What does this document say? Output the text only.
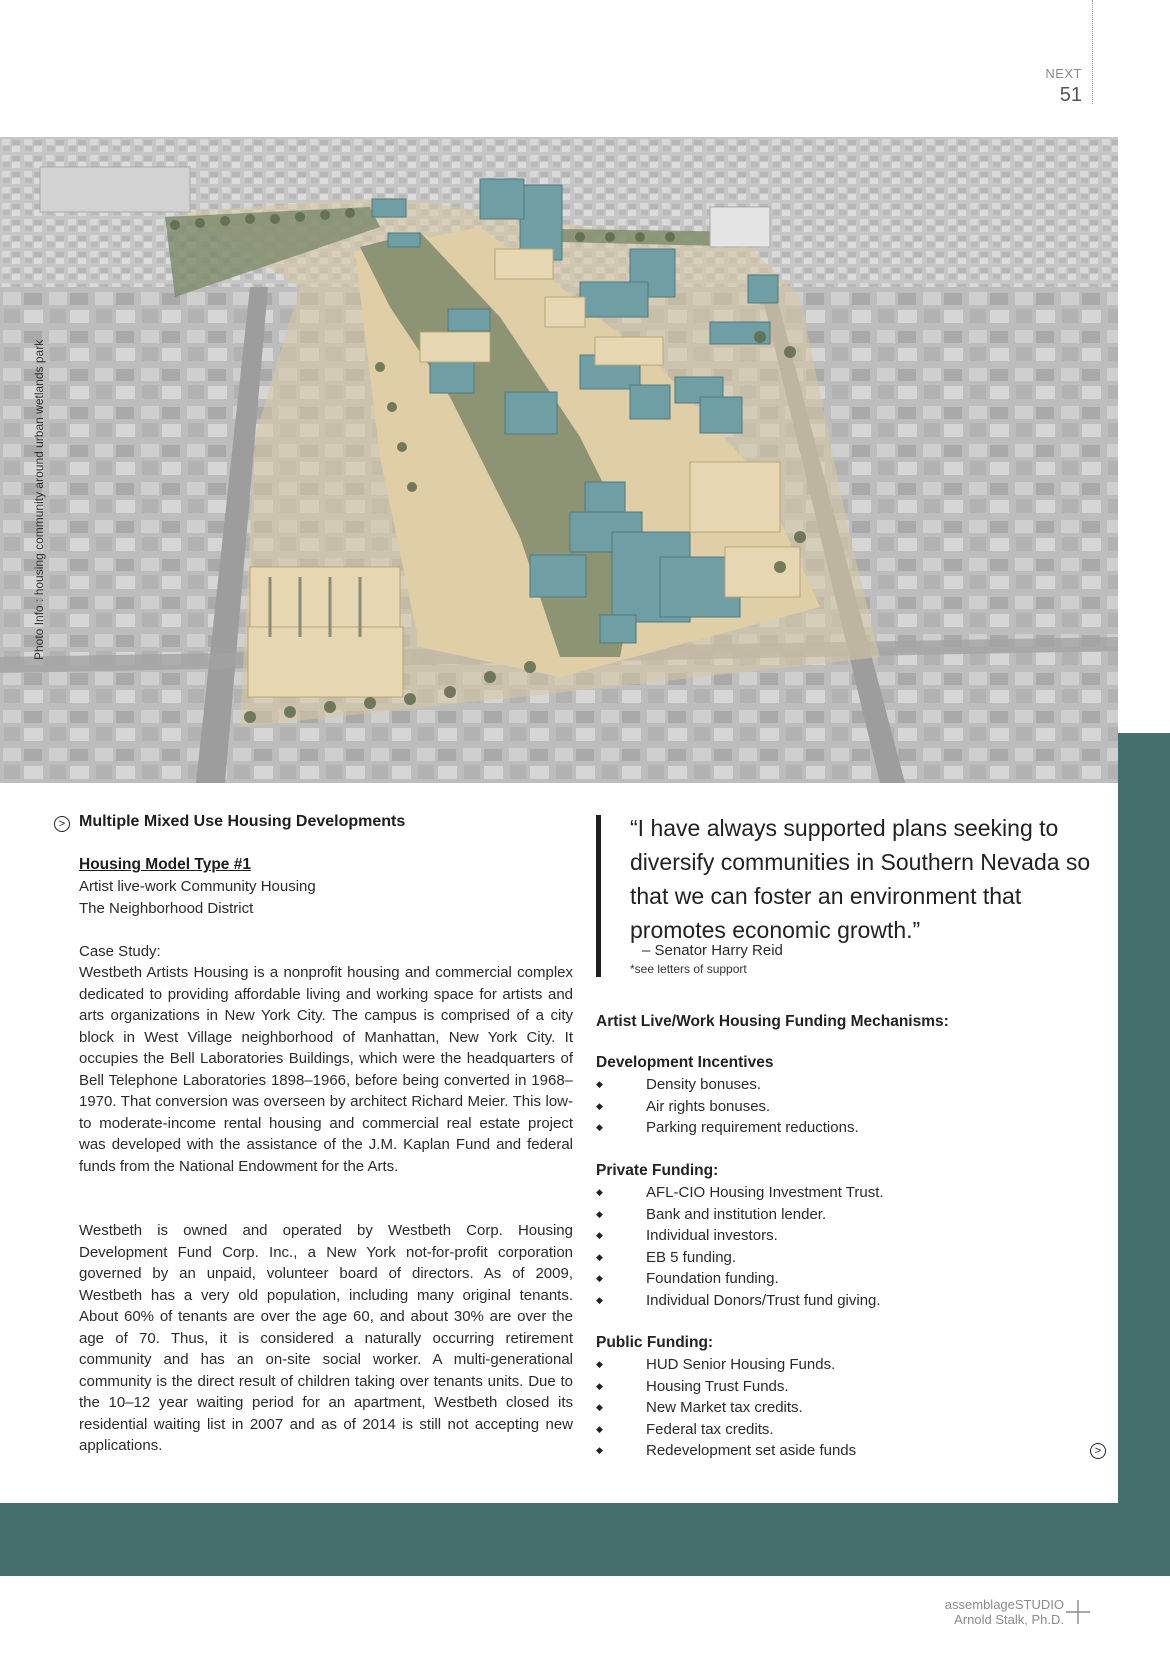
NEXT
51
Photo Info : housing community around urban wetlands park
> Multiple Mixed Use Housing Developments
Housing Model Type #1

Artist live-work Community Housing

The Neighborhood District

Case Study:
Westbeth Artists Housing is a nonprofit housing and commercial complex dedicated to providing affordable living and working space for artists and arts organizations in New York City. The campus is comprised of a city block in West Village neighborhood of Manhattan, New York City. It occupies the Bell Laboratories Buildings, which were the headquarters of Bell Telephone Laboratories 1898–1966, before being converted in 1968–1970. That conversion was overseen by architect Richard Meier. This low- to moderate-income rental housing and commercial real estate project was developed with the assistance of the J.M. Kaplan Fund and federal funds from the National Endowment for the Arts.
Westbeth is owned and operated by Westbeth Corp. Housing Development Fund Corp. Inc., a New York not-for-profit corporation governed by an unpaid, volunteer board of directors. As of 2009, Westbeth has a very old population, including many original tenants. About 60% of tenants are over the age 60, and about 30% are over the age of 70. Thus, it is considered a naturally occurring retirement community and has an on-site social worker. A multi-generational community is the direct result of children taking over tenants units. Due to the 10–12 year waiting period for an apartment, Westbeth closed its residential waiting list in 2007 and as of 2014 is still not accepting new applications.
“I have always supported plans seeking to diversify communities in Southern Nevada so that we can foster an environment that promotes economic growth.”
– Senator Harry Reid
*see letters of support
Artist Live/Work Housing Funding Mechanisms:
Development Incentives
◆ Density bonuses.
◆ Air rights bonuses.
◆ Parking requirement reductions.
Private Funding:
◆ AFL-CIO Housing Investment Trust.
◆ Bank and institution lender.
◆ Individual investors.
◆ EB 5 funding.
◆ Foundation funding.
◆ Individual Donors/Trust fund giving.
Public Funding:
◆ HUD Senior Housing Funds.
◆ Housing Trust Funds.
◆ New Market tax credits.
◆ Federal tax credits.
◆ Redevelopment set aside funds	>
assemblageSTUDIO
Arnold Stalk, Ph.D.
